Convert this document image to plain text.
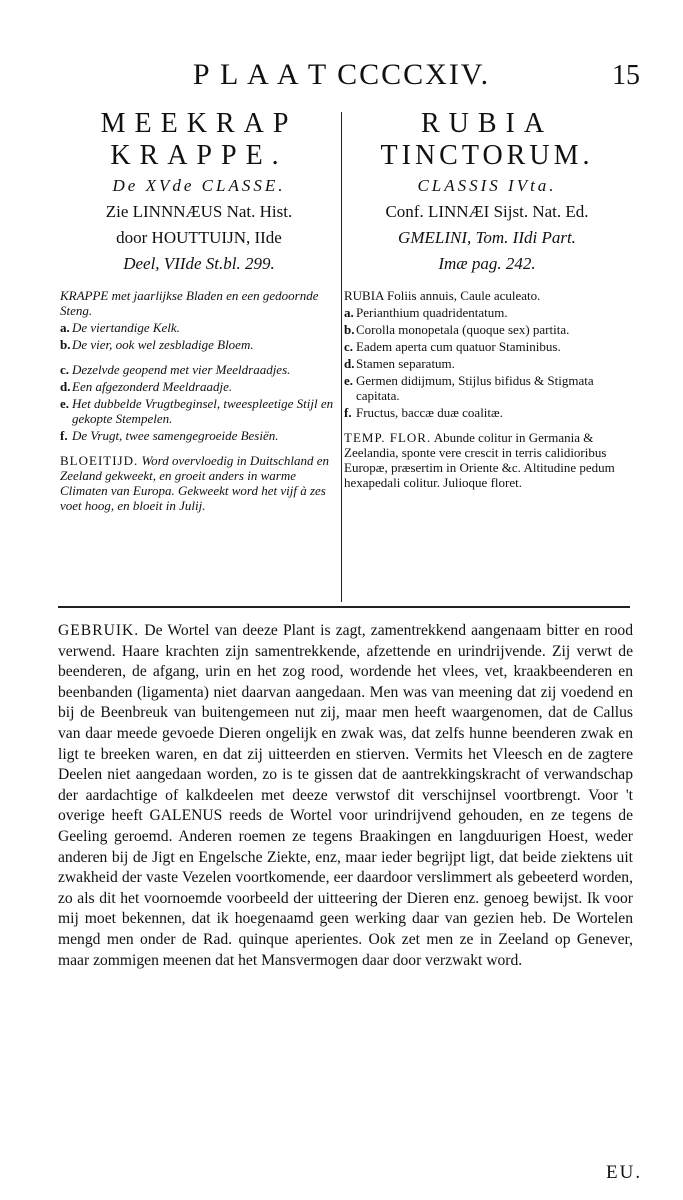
P L A A T CCCCXIV.	15
MEEKRAP
KRAPPE.
De XVde CLASSE.
Zie LINNNÆUS Nat. Hist.
door HOUTTUIJN, IIde
Deel, VIIde St.bl. 299.
KRAPPE met jaarlijkse Bladen en een gedoornde Steng.
a. De viertandige Kelk.
b. De vier, ook wel zesbladige Bloem.
c. Dezelvde geopend met vier Meeldraadjes.
d. Een afgezonderd Meeldraadje.
e. Het dubbelde Vrugtbeginsel, tweespleetige Stijl en gekopte Stempelen.
f. De Vrugt, twee samengegroeide Besiën.
BLOEITIJD. Word overvloedig in Duitschland en Zeeland gekweekt, en groeit anders in warme Climaten van Europa. Gekweekt word het vijf à zes voet hoog, en bloeit in Julij.
RUBIA
TINCTORUM.
CLASSIS IVta.
Conf. LINNÆI Sijst. Nat. Ed.
GMELINI, Tom. IIdi Part.
Imæ pag. 242.
RUBIA Foliis annuis, Caule aculeato.
a. Perianthium quadridentatum.
b. Corolla monopetala (quoque sex) partita.
c. Eadem aperta cum quatuor Staminibus.
d. Stamen separatum.
e. Germen didijmum, Stijlus bifidus & Stigmata capitata.
f. Fructus, baccæ duæ coalitæ.
TEMP. FLOR. Abunde colitur in Germania & Zeelandia, sponte vere crescit in terris calidioribus Europæ, præsertim in Oriente &c. Altitudine pedum hexapedali colitur. Julioque floret.
GEBRUIK. De Wortel van deeze Plant is zagt, zamentrekkend aangenaam bitter en rood verwend. Haare krachten zijn samentrekkende, afzettende en urindrijvende. Zij verwt de beenderen, de afgang, urin en het zog rood, wordende het vlees, vet, kraakbeenderen en beenbanden (ligamenta) niet daarvan aangedaan. Men was van meening dat zij voedend en bij de Beenbreuk van buitengemeen nut zij, maar men heeft waargenomen, dat de Callus van daar meede gevoede Dieren ongelijk en zwak was, dat zelfs hunne beenderen zwak en ligt te breeken waren, en dat zij uitteerden en stierven. Vermits het Vleesch en de zagtere Deelen niet aangedaan worden, zo is te gissen dat de aantrekkingskracht of verwandschap der aardachtige of kalkdeelen met deeze verwstof dit verschijnsel voortbrengt. Voor 't overige heeft GALENUS reeds de Wortel voor urindrijvend gehouden, en ze tegens de Geeling geroemd. Anderen roemen ze tegens Braakingen en langduurigen Hoest, weder anderen bij de Jigt en Engelsche Ziekte, enz, maar ieder begrijpt ligt, dat beide ziektens uit zwakheid der vaste Vezelen voortkomende, eer daardoor verslimmert als gebeeterd worden, zo als dit het voornoemde voorbeeld der uitteering der Dieren enz. genoeg bewijst. Ik voor mij moet bekennen, dat ik hoegenaamd geen werking daar van gezien heb. De Wortelen mengd men onder de Rad. quinque aperientes. Ook zet men ze in Zeeland op Genever, maar zommigen meenen dat het Mansvermogen daar door verzwakt word.
EU.
